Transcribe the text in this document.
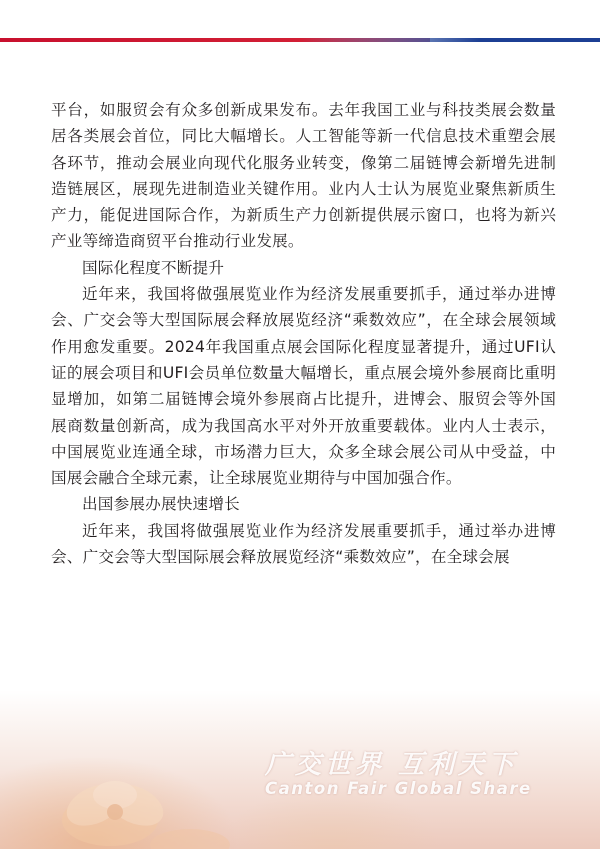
平台，如服贸会有众多创新成果发布。去年我国工业与科技类展会数量居各类展会首位，同比大幅增长。人工智能等新一代信息技术重塑会展各环节，推动会展业向现代化服务业转变，像第二届链博会新增先进制造链展区，展现先进制造业关键作用。业内人士认为展览业聚焦新质生产力，能促进国际合作，为新质生产力创新提供展示窗口，也将为新兴产业等缔造商贸平台推动行业发展。

国际化程度不断提升

近年来，我国将做强展览业作为经济发展重要抓手，通过举办进博会、广交会等大型国际展会释放展览经济“乘数效应”，在全球会展领域作用愈发重要。2024年我国重点展会国际化程度显著提升，通过UFI认证的展会项目和UFI会员单位数量大幅增长，重点展会境外参展商比重明显增加，如第二届链博会境外参展商占比提升，进博会、服贸会等外国展商数量创新高，成为我国高水平对外开放重要载体。业内人士表示，中国展览业连通全球，市场潜力巨大，众多全球会展公司从中受益，中国展会融合全球元素，让全球展览业期待与中国加强合作。

出国参展办展快速增长

近年来，我国将做强展览业作为经济发展重要抓手，通过举办进博会、广交会等大型国际展会释放展览经济“乘数效应”，在全球会展

广交世界 互利天下
Canton Fair Global Share
